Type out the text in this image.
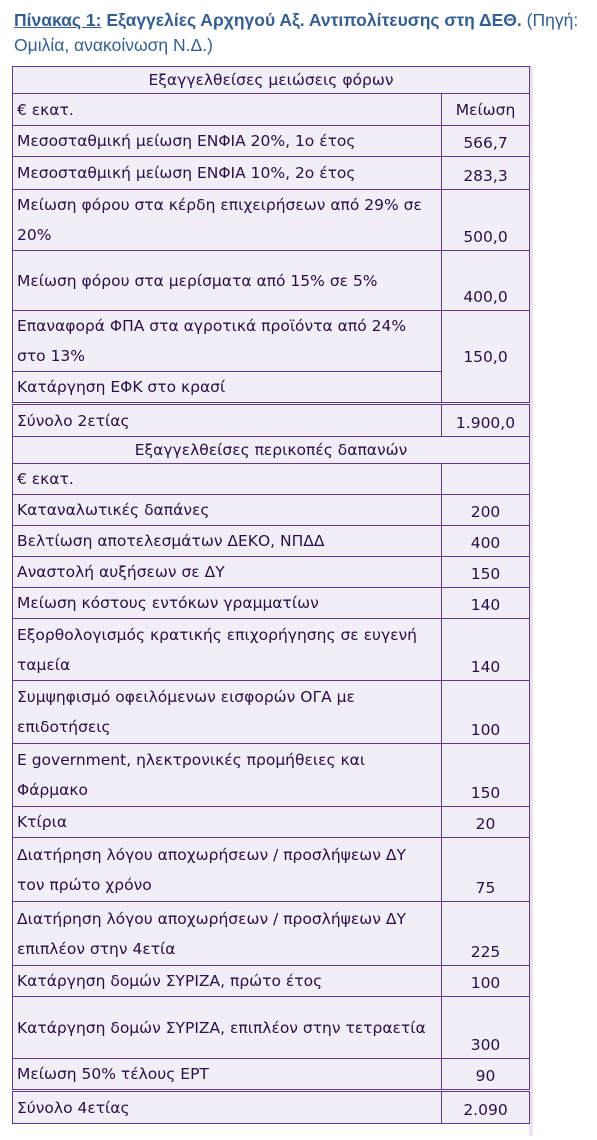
Πίνακας 1: Εξαγγελίες Αρχηγού Αξ. Αντιπολίτευσης στη ΔΕΘ. (Πηγή: Ομιλία, ανακοίνωση Ν.Δ.)
Εξαγγελθείσες μειώσεις φόρων	
€ εκατ.	Μείωση
Μεσοσταθμική μείωση ΕΝΦΙΑ 20%, 1ο έτος	566,7
Μεσοσταθμική μείωση ΕΝΦΙΑ 10%, 2ο έτος	283,3
Μείωση φόρου στα κέρδη επιχειρήσεων από 29% σε 20%	500,0
Μείωση φόρου στα μερίσματα από 15% σε 5%	400,0
Επαναφορά ΦΠΑ στα αγροτικά προϊόντα από 24% στο 13%	150,0
Κατάργηση ΕΦΚ στο κρασί	
Σύνολο 2ετίας	1.900,0
Εξαγγελθείσες περικοπές δαπανών	
€ εκατ.	
Καταναλωτικές δαπάνες	200
Βελτίωση αποτελεσμάτων ΔΕΚΟ, ΝΠΔΔ	400
Αναστολή αυξήσεων σε ΔΥ	150
Μείωση κόστους εντόκων γραμματίων	140
Εξορθολογισμός κρατικής επιχορήγησης σε ευγενή ταμεία	140
Συμψηφισμό οφειλόμενων εισφορών ΟΓΑ με επιδοτήσεις	100
E government, ηλεκτρονικές προμήθειες και Φάρμακο	150
Κτίρια	20
Διατήρηση λόγου αποχωρήσεων / προσλήψεων ΔΥ τον πρώτο χρόνο	75
Διατήρηση λόγου αποχωρήσεων / προσλήψεων ΔΥ επιπλέον στην 4ετία	225
Κατάργηση δομών ΣΥΡΙΖΑ, πρώτο έτος	100
Κατάργηση δομών ΣΥΡΙΖΑ, επιπλέον στην τετραετία	300
Μείωση 50% τέλους ΕΡΤ	90
Σύνολο 4ετίας	2.090
